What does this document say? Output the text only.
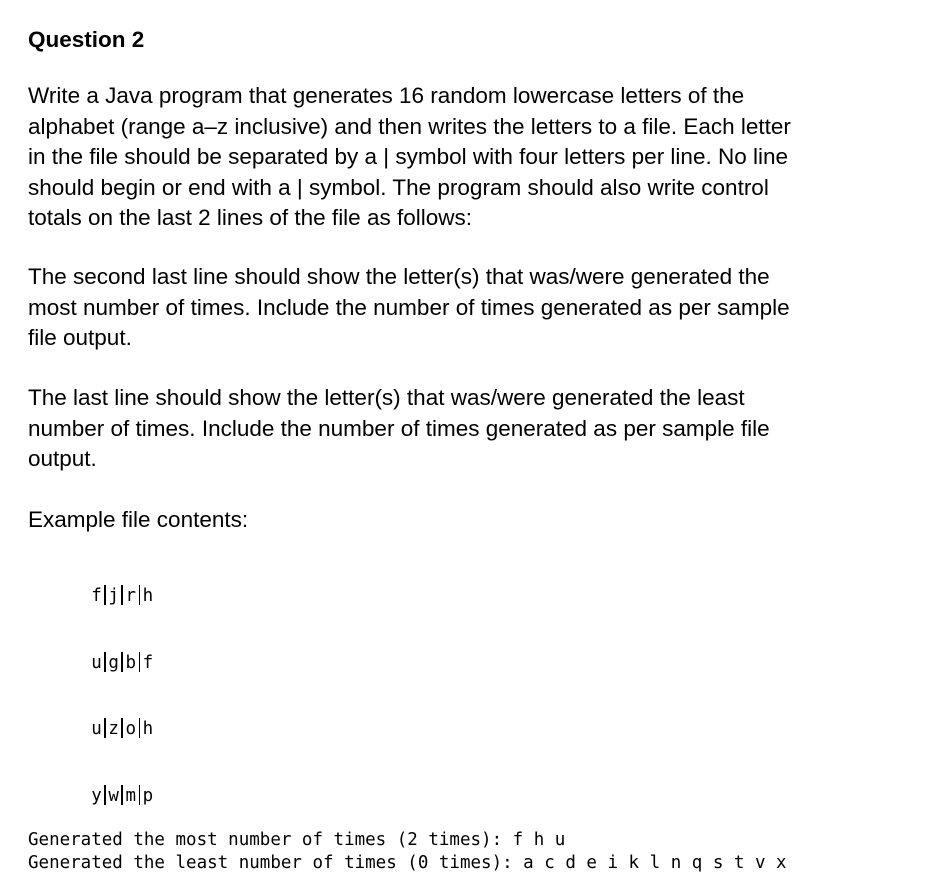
Question 2

Write a Java program that generates 16 random lowercase letters of the
alphabet (range a–z inclusive) and then writes the letters to a file. Each letter
in the file should be separated by a | symbol with four letters per line. No line
should begin or end with a | symbol. The program should also write control
totals on the last 2 lines of the file as follows:

The second last line should show the letter(s) that was/were generated the
most number of times. Include the number of times generated as per sample
file output.

The last line should show the letter(s) that was/were generated the least
number of times. Include the number of times generated as per sample file
output.

Example file contents:

f j r h

u g b f

u z o h

y w m p

Generated the most number of times (2 times): f h u
Generated the least number of times (0 times): a c d e i k l n q s t v x
